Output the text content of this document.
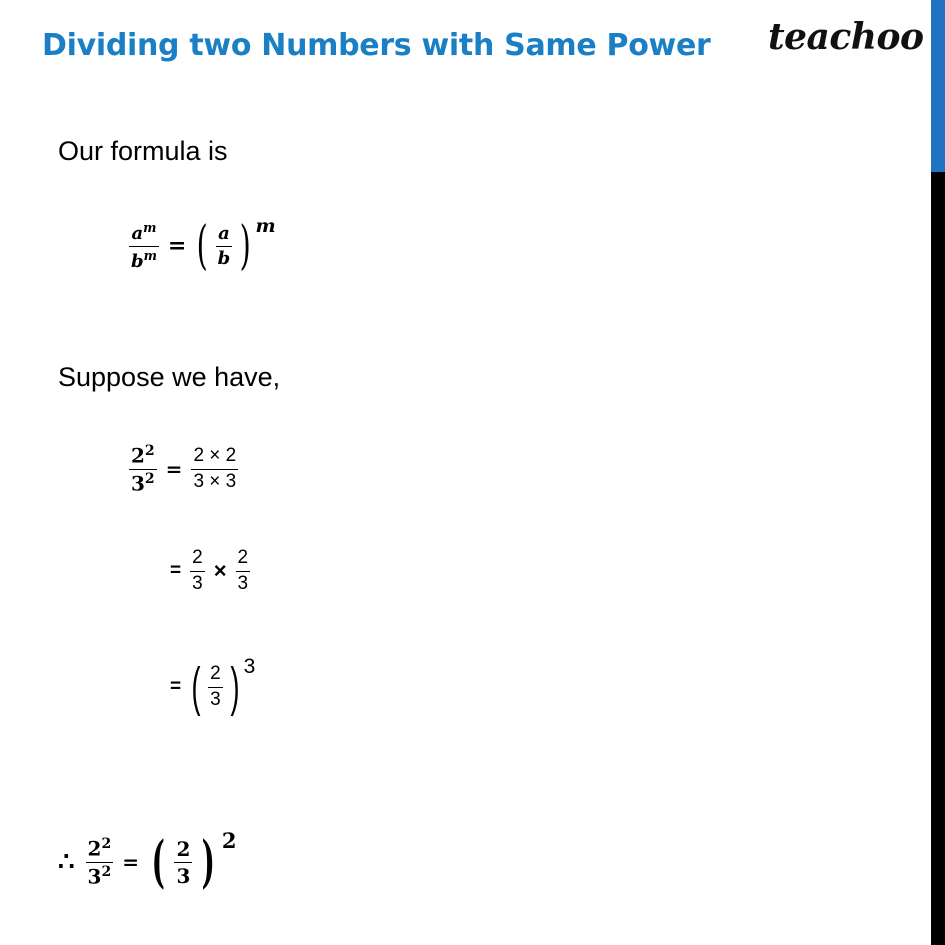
Dividing two Numbers with Same Power teachoo
Our formula is
$\frac{a^m}{b^m}$ = ( $\frac{a}{b}$ ) m
Suppose we have,
$\frac{2^2}{3^2} = \frac{2 \times 2}{3 \times 3}$
= $\frac{2}{3} \times \frac{2}{3}$
= ( $\frac{2}{3}$ ) 3
∴ $\frac{2^2}{3^2}$ = ( $\frac{2}{3}$ ) 2
